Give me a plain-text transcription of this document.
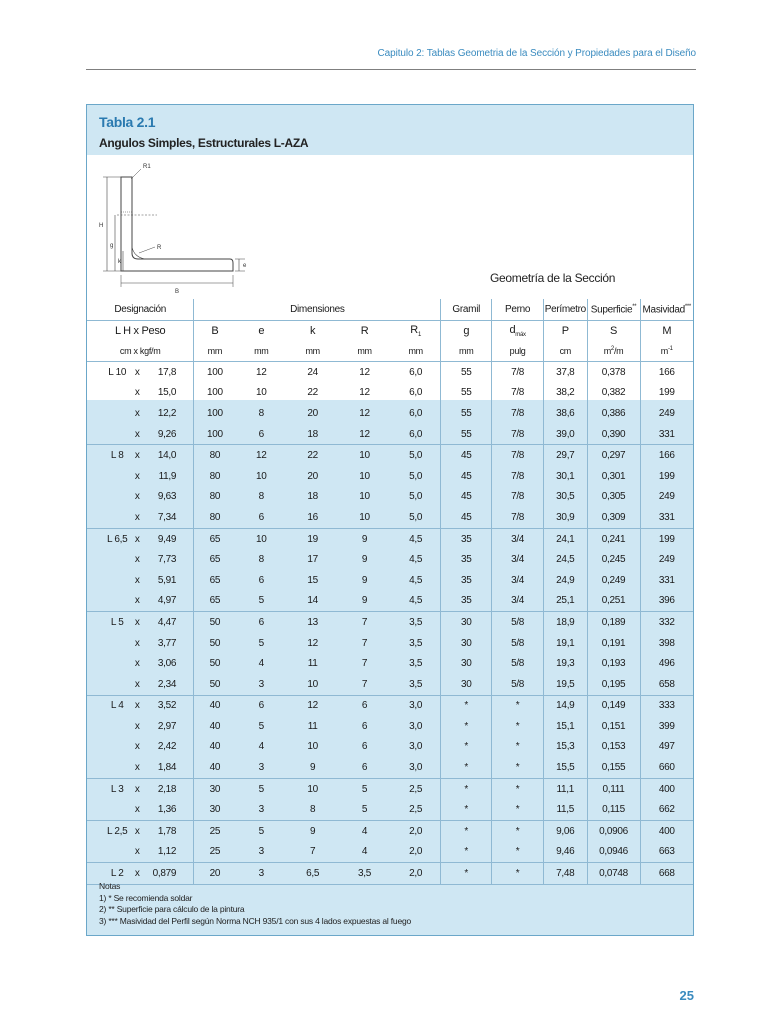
Capitulo 2: Tablas Geometria de la Sección y Propiedades para el Diseño
Tabla 2.1
Angulos Simples, Estructurales L-AZA
R1
H
g
k
R
e
B
Geometría de la Sección
Designación	Dimensiones					Gramil	Perno	Perímetro	Superficie**	Masividad***
L H x Peso	B	e	k	R	$R_1$	g	$d_{máx}$	P	S	M
cm x kgf/m	mm	mm	mm	mm	mm	mm	pulg	cm	$m^2/m$	$m^{-1}$
L 10 x 17,8	100	12	24	12	6,0	55	7/8	37,8	0,378	166
x 15,0	100	10	22	12	6,0	55	7/8	38,2	0,382	199
x 12,2	100	8	20	12	6,0	55	7/8	38,6	0,386	249
x 9,26	100	6	18	12	6,0	55	7/8	39,0	0,390	331
L 8 x 14,0	80	12	22	10	5,0	45	7/8	29,7	0,297	166
x 11,9	80	10	20	10	5,0	45	7/8	30,1	0,301	199
x 9,63	80	8	18	10	5,0	45	7/8	30,5	0,305	249
x 7,34	80	6	16	10	5,0	45	7/8	30,9	0,309	331
L 6,5 x 9,49	65	10	19	9	4,5	35	3/4	24,1	0,241	199
x 7,73	65	8	17	9	4,5	35	3/4	24,5	0,245	249
x 5,91	65	6	15	9	4,5	35	3/4	24,9	0,249	331
x 4,97	65	5	14	9	4,5	35	3/4	25,1	0,251	396
L 5 x 4,47	50	6	13	7	3,5	30	5/8	18,9	0,189	332
x 3,77	50	5	12	7	3,5	30	5/8	19,1	0,191	398
x 3,06	50	4	11	7	3,5	30	5/8	19,3	0,193	496
x 2,34	50	3	10	7	3,5	30	5/8	19,5	0,195	658
L 4 x 3,52	40	6	12	6	3,0	*	*	14,9	0,149	333
x 2,97	40	5	11	6	3,0	*	*	15,1	0,151	399
x 2,42	40	4	10	6	3,0	*	*	15,3	0,153	497
x 1,84	40	3	9	6	3,0	*	*	15,5	0,155	660
L 3 x 2,18	30	5	10	5	2,5	*	*	11,1	0,111	400
x 1,36	30	3	8	5	2,5	*	*	11,5	0,115	662
L 2,5 x 1,78	25	5	9	4	2,0	*	*	9,06	0,0906	400
x 1,12	25	3	7	4	2,0	*	*	9,46	0,0946	663
L 2 x 0,879	20	3	6,5	3,5	2,0	*	*	7,48	0,0748	668
Notas
1) * Se recomienda soldar
2) ** Superficie para cálculo de la pintura
3) *** Masividad del Perfil según Norma NCH 935/1 con sus 4 lados expuestas al fuego
25
